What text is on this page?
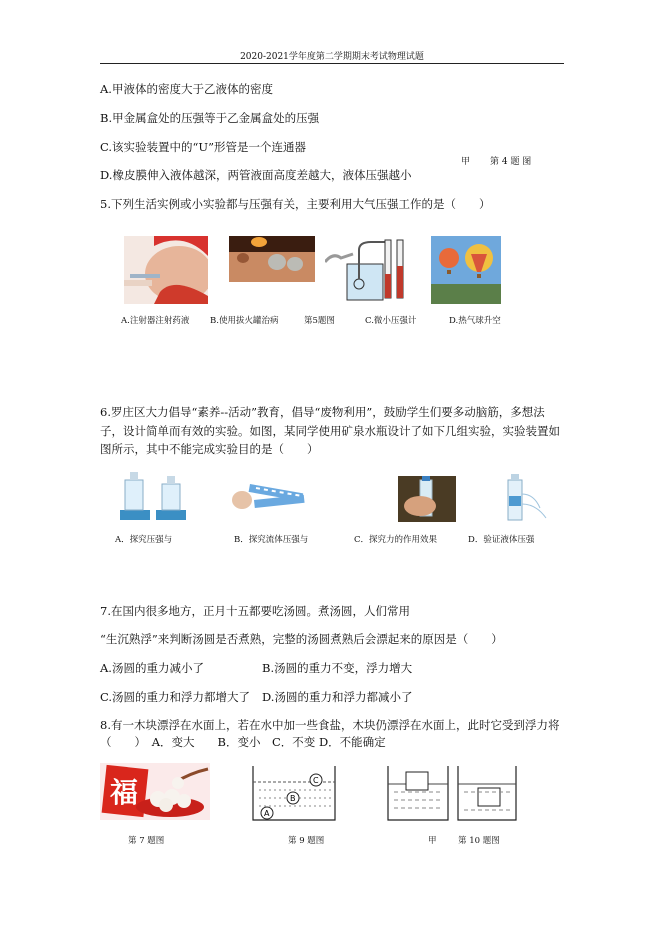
2020-2021学年度第二学期期末考试物理试题
A.甲液体的密度大于乙液体的密度
B.甲金属盒处的压强等于乙金属盒处的压强
C.该实验装置中的“U”形管是一个连通器
甲 第 4 题 图
D.橡皮膜伸入液体越深，两管液面高度差越大，液体压强越小
5.下列生活实例或小实验都与压强有关，主要利用大气压强工作的是（　　）
A.注射器注射药液 B.使用拔火罐治病	第5题图	C.微小压强计	D.热气球升空
6.罗庄区大力倡导“素养--活动”教育，倡导“废物利用”，鼓励学生们要多动脑筋，多想法
子，设计简单而有效的实验。如图，某同学使用矿泉水瓶设计了如下几组实验，实验装置如
图所示，其中不能完成实验目的是（　　）
A．探究压强与	B．探究流体压强与	C．探究力的作用效果	D．验证液体压强
7.在国内很多地方，正月十五都要吃汤圆。煮汤圆，人们常用
“生沉熟浮”来判断汤圆是否煮熟，完整的汤圆煮熟后会漂起来的原因是（　　）
A.汤圆的重力减小了	B.汤圆的重力不变，浮力增大
C.汤圆的重力和浮力都增大了 D.汤圆的重力和浮力都减小了
8.有一木块漂浮在水面上，若在水中加一些食盐，木块仍漂浮在水面上，此时它受到浮力将
（　　）　A．变大　　B．变小　C．不变 D．不能确定
福
第 7 题图
C
B
A
第 9 题图	甲	第 10 题图
